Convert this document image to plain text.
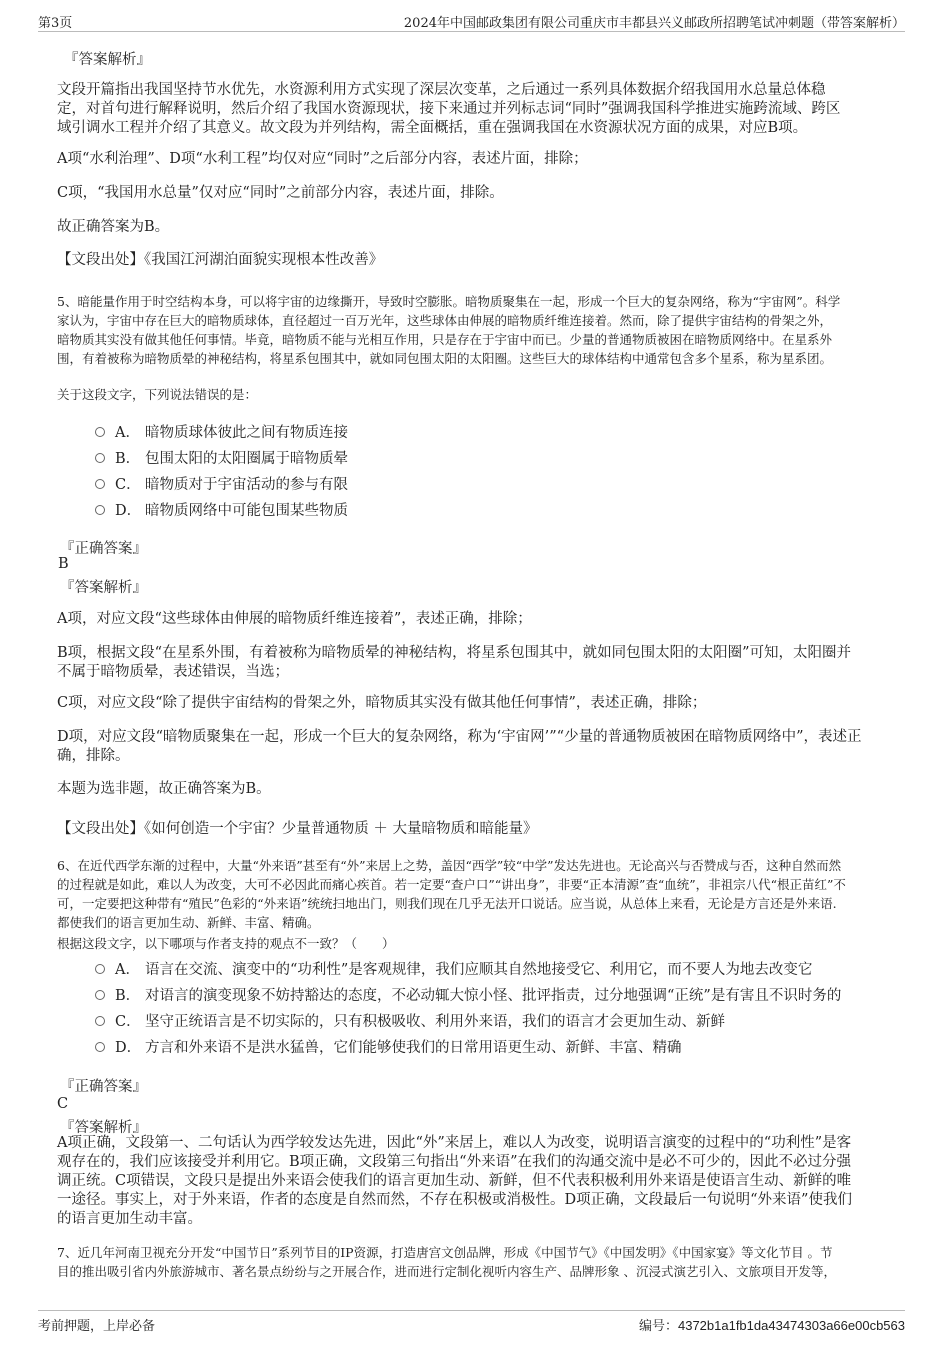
第3页	2024年中国邮政集团有限公司重庆市丰都县兴义邮政所招聘笔试冲刺题（带答案解析）
『答案解析』

文段开篇指出我国坚持节水优先，水资源利用方式实现了深层次变革，之后通过一系列具体数据介绍我国用水总量总体稳

定，对首句进行解释说明，然后介绍了我国水资源现状，接下来通过并列标志词“同时”强调我国科学推进实施跨流域、跨区

域引调水工程并介绍了其意义。故文段为并列结构，需全面概括，重在强调我国在水资源状况方面的成果，对应B项。

A项“水利治理”、D项“水利工程”均仅对应“同时”之后部分内容，表述片面，排除；
C项，“我国用水总量”仅对应“同时”之前部分内容，表述片面，排除。
故正确答案为B。
【文段出处】《我国江河湖泊面貌实现根本性改善》

5、暗能量作用于时空结构本身，可以将宇宙的边缘撕开，导致时空膨胀。暗物质聚集在一起，形成一个巨大的复杂网络，称为“宇宙网”。科学

家认为，宇宙中存在巨大的暗物质球体，直径超过一百万光年，这些球体由伸展的暗物质纤维连接着。然而，除了提供宇宙结构的骨架之外，

暗物质其实没有做其他任何事情。毕竟，暗物质不能与光相互作用，只是存在于宇宙中而已。少量的普通物质被困在暗物质网络中。在星系外

围，有着被称为暗物质晕的神秘结构，将星系包围其中，就如同包围太阳的太阳圈。这些巨大的球体结构中通常包含多个星系，称为星系团。

关于这段文字，下列说法错误的是：
A． 暗物质球体彼此之间有物质连接
B． 包围太阳的太阳圈属于暗物质晕
C． 暗物质对于宇宙活动的参与有限
D． 暗物质网络中可能包围某些物质
『正确答案』
B
『答案解析』
A项，对应文段“这些球体由伸展的暗物质纤维连接着”，表述正确，排除；

B项，根据文段“在星系外围，有着被称为暗物质晕的神秘结构，将星系包围其中，就如同包围太阳的太阳圈”可知，太阳圈并

不属于暗物质晕，表述错误，当选；

C项，对应文段“除了提供宇宙结构的骨架之外，暗物质其实没有做其他任何事情”，表述正确，排除；

D项，对应文段“暗物质聚集在一起，形成一个巨大的复杂网络，称为‘宇宙网’”“少量的普通物质被困在暗物质网络中”，表述正

确，排除。

本题为选非题，故正确答案为B。
【文段出处】《如何创造一个宇宙？少量普通物质 ＋ 大量暗物质和暗能量》

6、在近代西学东渐的过程中，大量“外来语”甚至有“外”来居上之势，盖因“西学”较“中学”发达先进也。无论高兴与否赞成与否，这种自然而然

的过程就是如此，难以人为改变，大可不必因此而痛心疾首。若一定要“查户口”“讲出身”，非要“正本清源”查“血统”，非祖宗八代“根正苗红”不

可，一定要把这种带有“殖民”色彩的“外来语”统统扫地出门，则我们现在几乎无法开口说话。应当说，从总体上来看，无论是方言还是外来语.

都使我们的语言更加生动、新鲜、丰富、精确。

根据这段文字，以下哪项与作者支持的观点不一致？（　　）
A． 语言在交流、演变中的“功利性”是客观规律，我们应顺其自然地接受它、利用它，而不要人为地去改变它
B． 对语言的演变现象不妨持豁达的态度，不必动辄大惊小怪、批评指责，过分地强调“正统”是有害且不识时务的
C． 坚守正统语言是不切实际的，只有积极吸收、利用外来语，我们的语言才会更加生动、新鲜
D． 方言和外来语不是洪水猛兽，它们能够使我们的日常用语更生动、新鲜、丰富、精确
『正确答案』
C
『答案解析』

A项正确，文段第一、二句话认为西学较发达先进，因此“外”来居上，难以人为改变，说明语言演变的过程中的“功利性”是客

观存在的，我们应该接受并利用它。B项正确，文段第三句指出“外来语”在我们的沟通交流中是必不可少的，因此不必过分强

调正统。C项错误，文段只是提出外来语会使我们的语言更加生动、新鲜，但不代表积极利用外来语是使语言生动、新鲜的唯

一途径。事实上，对于外来语，作者的态度是自然而然，不存在积极或消极性。D项正确，文段最后一句说明“外来语”使我们

的语言更加生动丰富。

7、近几年河南卫视充分开发“中国节日”系列节目的IP资源，打造唐宫文创品牌，形成《中国节气》《中国发明》《中国家宴》等文化节目 。节

目的推出吸引省内外旅游城市、著名景点纷纷与之开展合作，进而进行定制化视听内容生产、品牌形象 、沉浸式演艺引入、文旅项目开发等，

考前押题，上岸必备	编号：4372b1a1fb1da43474303a66e00cb563
